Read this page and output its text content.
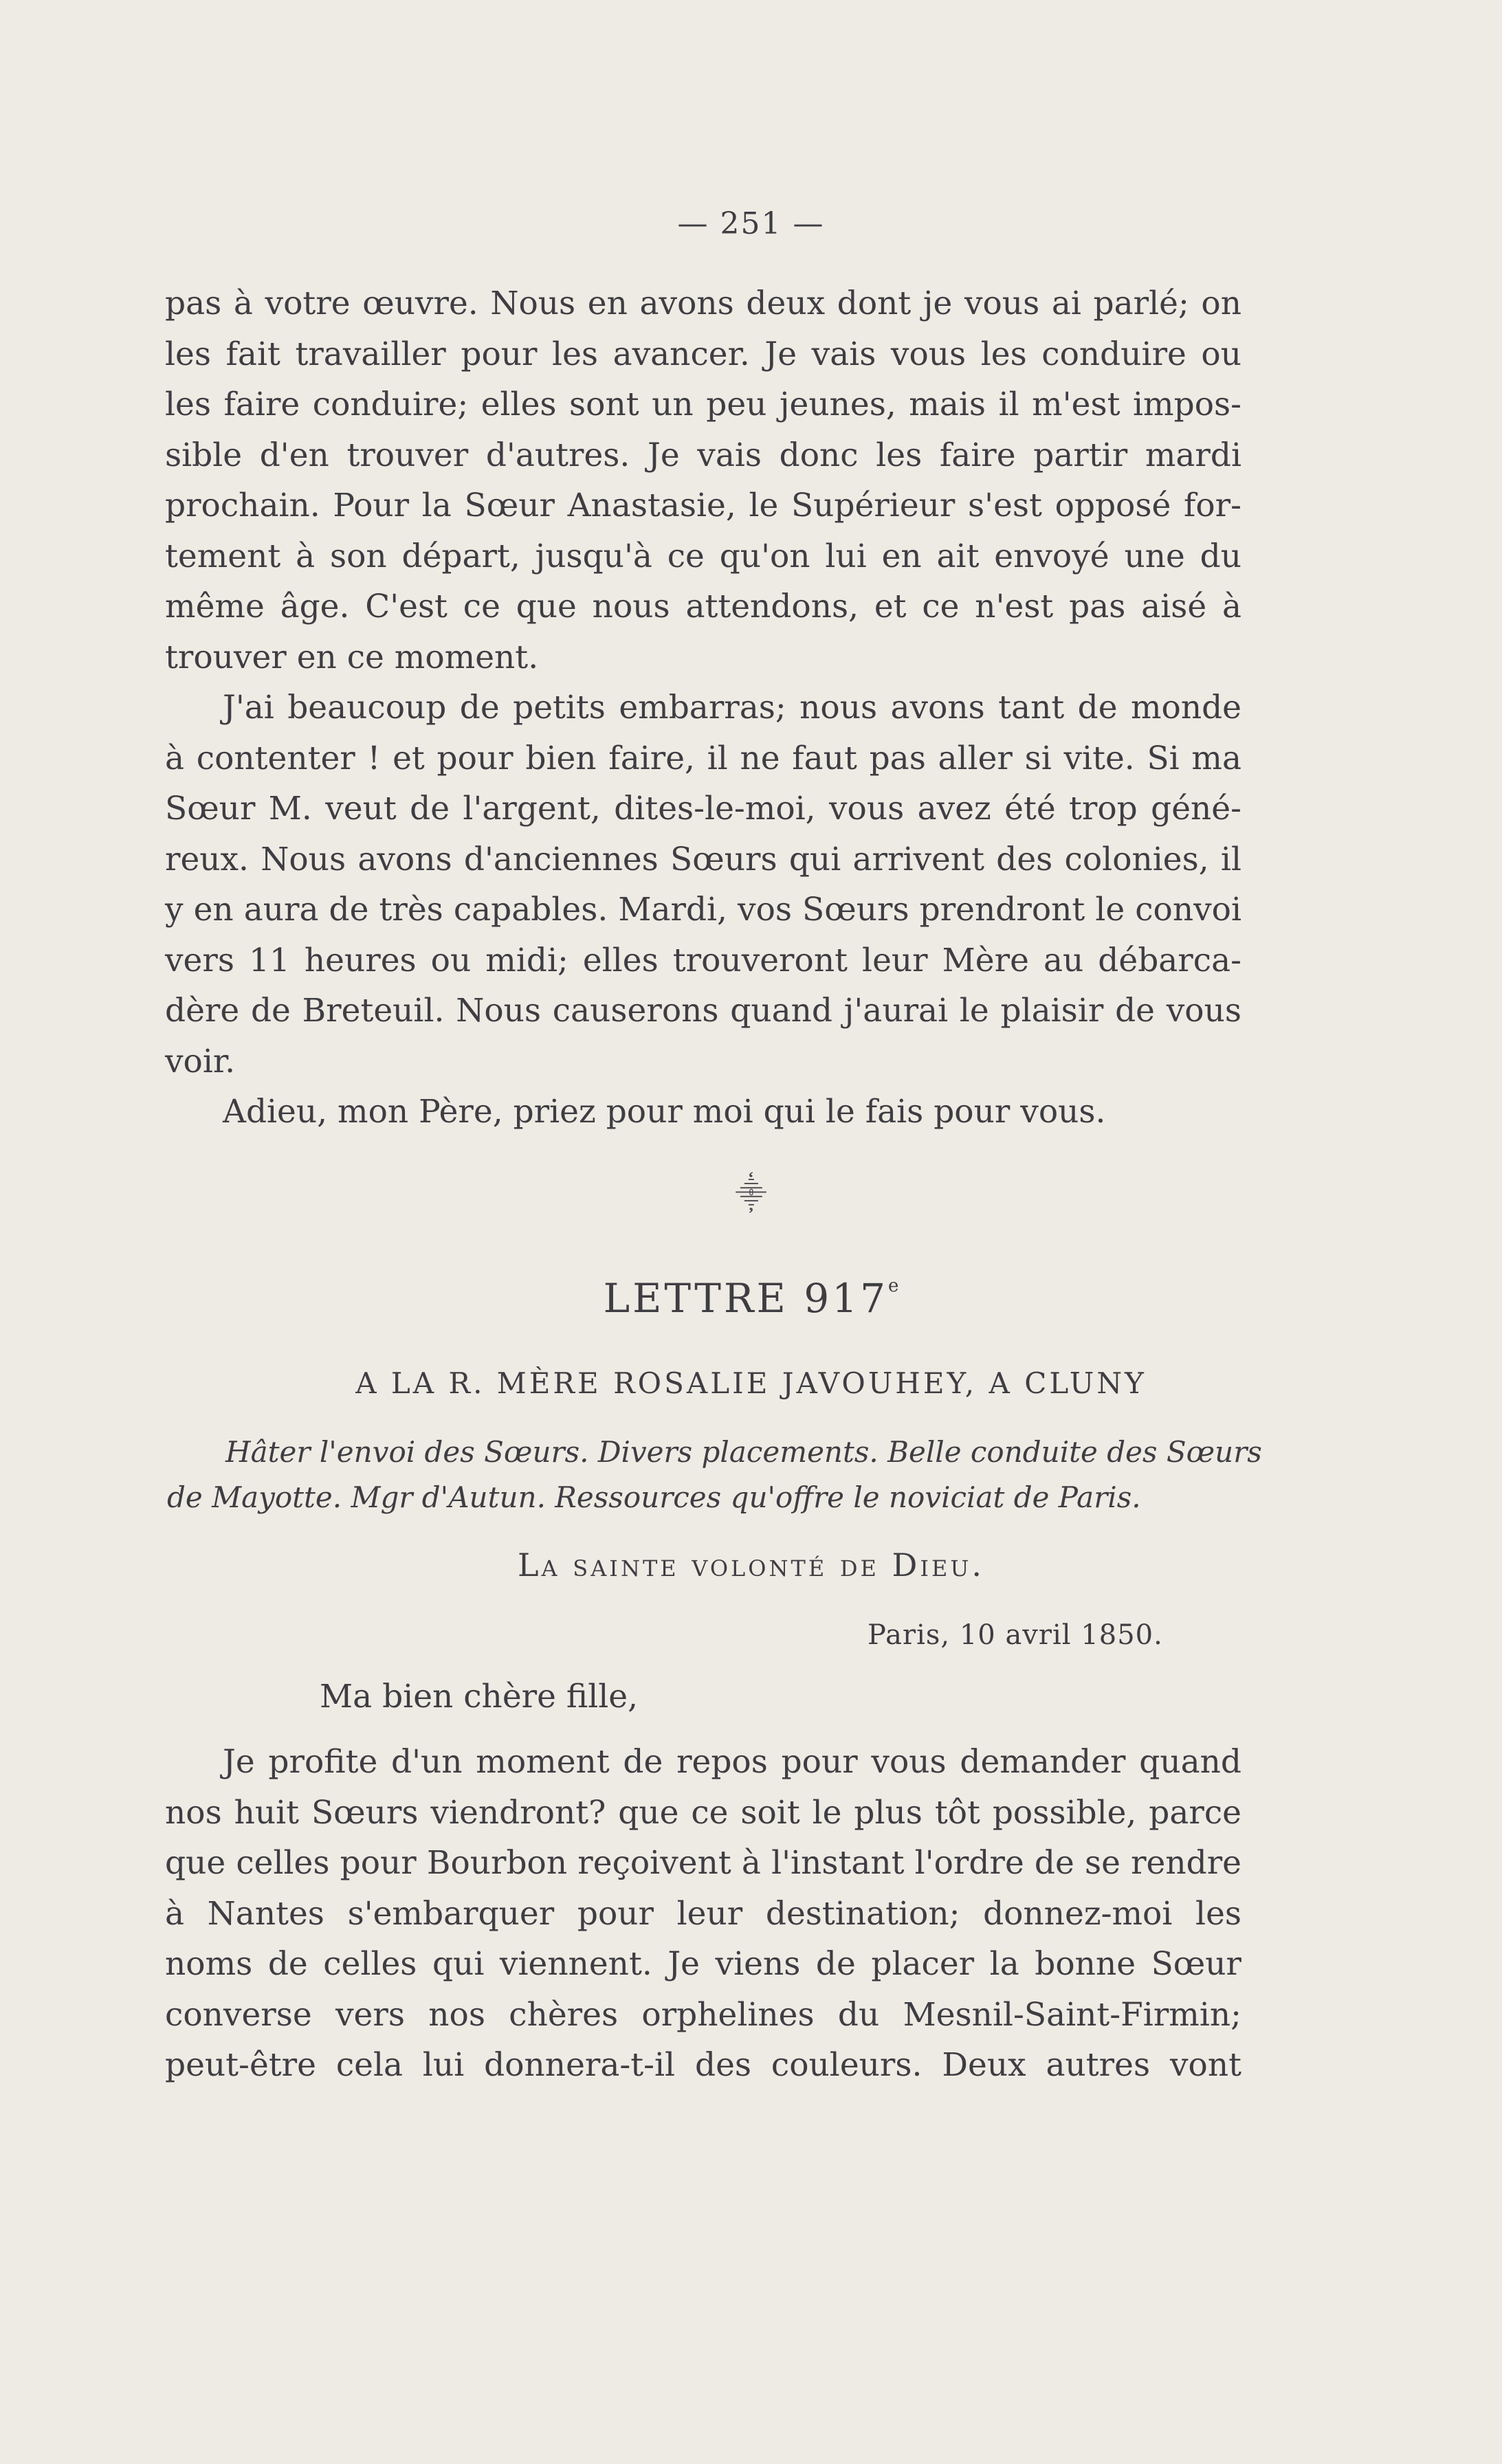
— 251 —
pas à votre œuvre. Nous en avons deux dont je vous ai parlé; on
les fait travailler pour les avancer. Je vais vous les conduire ou
les faire conduire; elles sont un peu jeunes, mais il m'est impos-
sible d'en trouver d'autres. Je vais donc les faire partir mardi
prochain. Pour la Sœur Anastasie, le Supérieur s'est opposé for-
tement à son départ, jusqu'à ce qu'on lui en ait envoyé une du
même âge. C'est ce que nous attendons, et ce n'est pas aisé à
trouver en ce moment.
J'ai beaucoup de petits embarras; nous avons tant de monde
à contenter ! et pour bien faire, il ne faut pas aller si vite. Si ma
Sœur M. veut de l'argent, dites-le-moi, vous avez été trop géné-
reux. Nous avons d'anciennes Sœurs qui arrivent des colonies, il
y en aura de très capables. Mardi, vos Sœurs prendront le convoi
vers 11 heures ou midi; elles trouveront leur Mère au débarca-
dère de Breteuil. Nous causerons quand j'aurai le plaisir de vous
voir.
Adieu, mon Père, priez pour moi qui le fais pour vous.
⸎
LETTRE 917e
A LA R. MÈRE ROSALIE JAVOUHEY, A CLUNY
Hâter l'envoi des Sœurs. Divers placements. Belle conduite des Sœurs
de Mayotte. Mgr d'Autun. Ressources qu'offre le noviciat de Paris.
La sainte volonté de Dieu.
Paris, 10 avril 1850.
Ma bien chère fille,
Je profite d'un moment de repos pour vous demander quand
nos huit Sœurs viendront? que ce soit le plus tôt possible, parce
que celles pour Bourbon reçoivent à l'instant l'ordre de se rendre
à Nantes s'embarquer pour leur destination; donnez-moi les
noms de celles qui viennent. Je viens de placer la bonne Sœur
converse vers nos chères orphelines du Mesnil-Saint-Firmin;
peut-être cela lui donnera-t-il des couleurs. Deux autres vont
